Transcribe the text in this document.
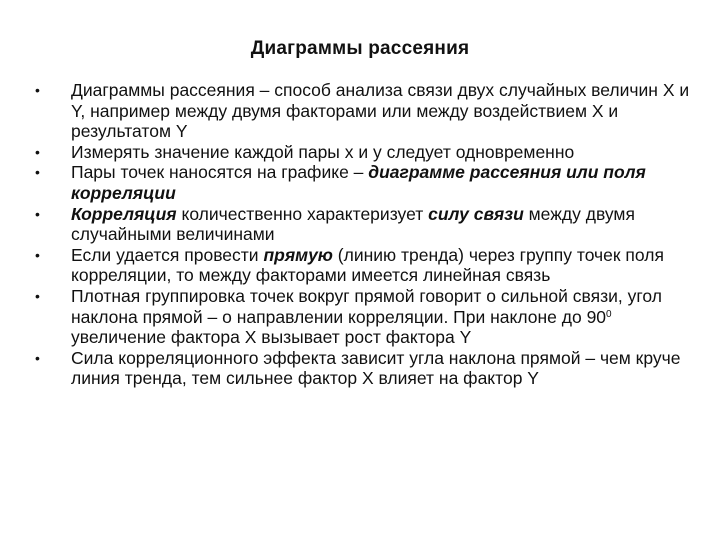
Диаграммы рассеяния
• Диаграммы рассеяния – способ анализа связи двух случайных величин X и Y, например между двумя факторами или между воздействием X и результатом Y
• Измерять значение каждой пары x и y следует одновременно
• Пары точек наносятся на графике – диаграмме рассеяния или поля корреляции
• Корреляция количественно характеризует силу связи между двумя случайными величинами
• Если удается провести прямую (линию тренда) через группу точек поля корреляции, то между факторами имеется линейная связь
• Плотная группировка точек вокруг прямой говорит о сильной связи, угол наклона прямой – о направлении корреляции. При наклоне до $90^0$ увеличение фактора X вызывает рост фактора Y
• Сила корреляционного эффекта зависит угла наклона прямой – чем круче линия тренда, тем сильнее фактор X влияет на фактор Y
